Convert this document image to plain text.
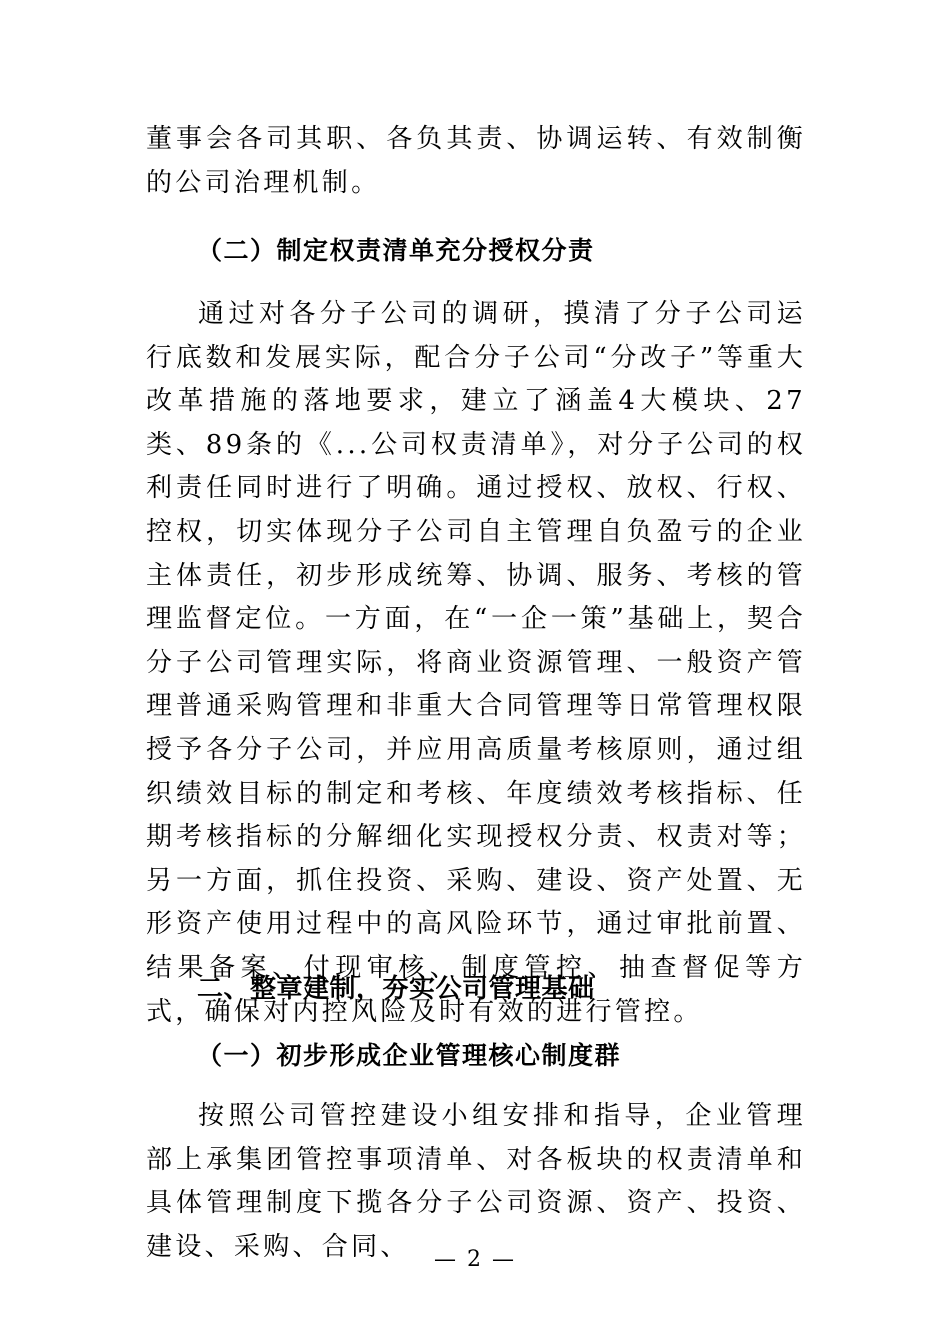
董事会各司其职、各负其责、协调运转、有效制衡的公司治理机制。

（二）制定权责清单充分授权分责

通过对各分子公司的调研，摸清了分子公司运行底数和发展实际，配合分子公司“分改子”等重大改革措施的落地要求，建立了涵盖4大模块、27类、89条的《...公司权责清单》，对分子公司的权利责任同时进行了明确。通过授权、放权、行权、控权，切实体现分子公司自主管理自负盈亏的企业主体责任，初步形成统筹、协调、服务、考核的管理监督定位。一方面，在“一企一策”基础上，契合分子公司管理实际，将商业资源管理、一般资产管理普通采购管理和非重大合同管理等日常管理权限授予各分子公司，并应用高质量考核原则，通过组织绩效目标的制定和考核、年度绩效考核指标、任期考核指标的分解细化实现授权分责、权责对等；另一方面，抓住投资、采购、建设、资产处置、无形资产使用过程中的高风险环节，通过审批前置、结果备案、付现审核、制度管控、抽查督促等方式，确保对内控风险及时有效的进行管控。

二、整章建制，夯实公司管理基础

（一）初步形成企业管理核心制度群

按照公司管控建设小组安排和指导，企业管理部上承集团管控事项清单、对各板块的权责清单和具体管理制度下揽各分子公司资源、资产、投资、建设、采购、合同、	— 2 —
